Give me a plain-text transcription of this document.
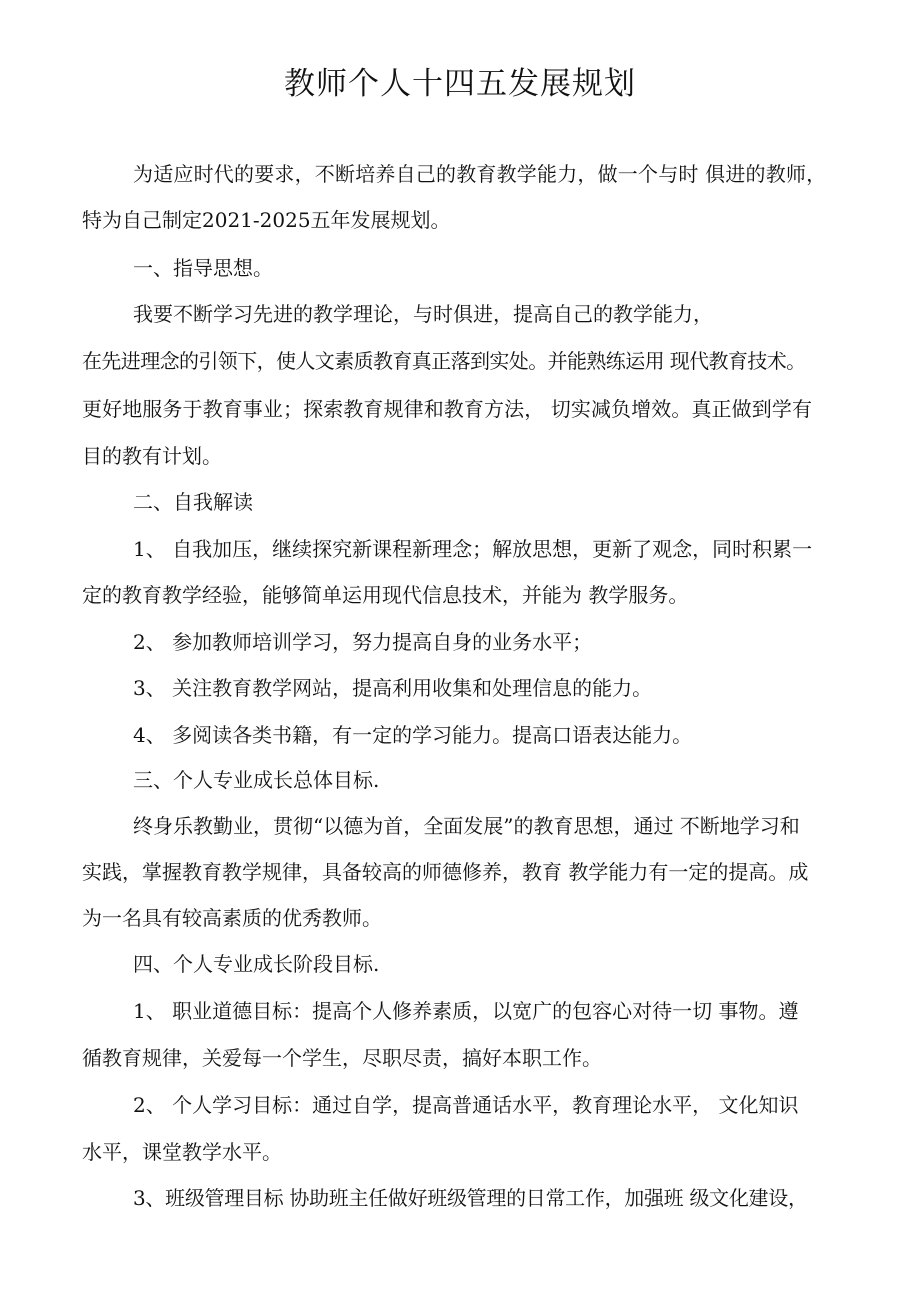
教师个人十四五发展规划

为适应时代的要求，不断培养自己的教育教学能力，做一个与时 俱进的教师，

特为自己制定2021-2025五年发展规划。

一、指导思想。

我要不断学习先进的教学理论，与时俱进，提高自己的教学能力，

在先进理念的引领下，使人文素质教育真正落到实处。并能熟练运用 现代教育技术。

更好地服务于教育事业；探索教育规律和教育方法， 切实减负增效。真正做到学有

目的教有计划。

二、自我解读

1、 自我加压，继续探究新课程新理念；解放思想，更新了观念，同时积累一

定的教育教学经验，能够简单运用现代信息技术，并能为 教学服务。

2、 参加教师培训学习，努力提高自身的业务水平；

3、 关注教育教学网站，提高利用收集和处理信息的能力。

4、 多阅读各类书籍，有一定的学习能力。提高口语表达能力。

三、个人专业成长总体目标.

终身乐教勤业，贯彻“以德为首，全面发展”的教育思想，通过 不断地学习和

实践，掌握教育教学规律，具备较高的师德修养，教育 教学能力有一定的提高。成

为一名具有较高素质的优秀教师。

四、个人专业成长阶段目标.

1、 职业道德目标：提高个人修养素质，以宽广的包容心对待一切 事物。遵

循教育规律，关爱每一个学生，尽职尽责，搞好本职工作。

2、 个人学习目标：通过自学，提高普通话水平，教育理论水平， 文化知识

水平，课堂教学水平。

3、班级管理目标 协助班主任做好班级管理的日常工作，加强班 级文化建设，
